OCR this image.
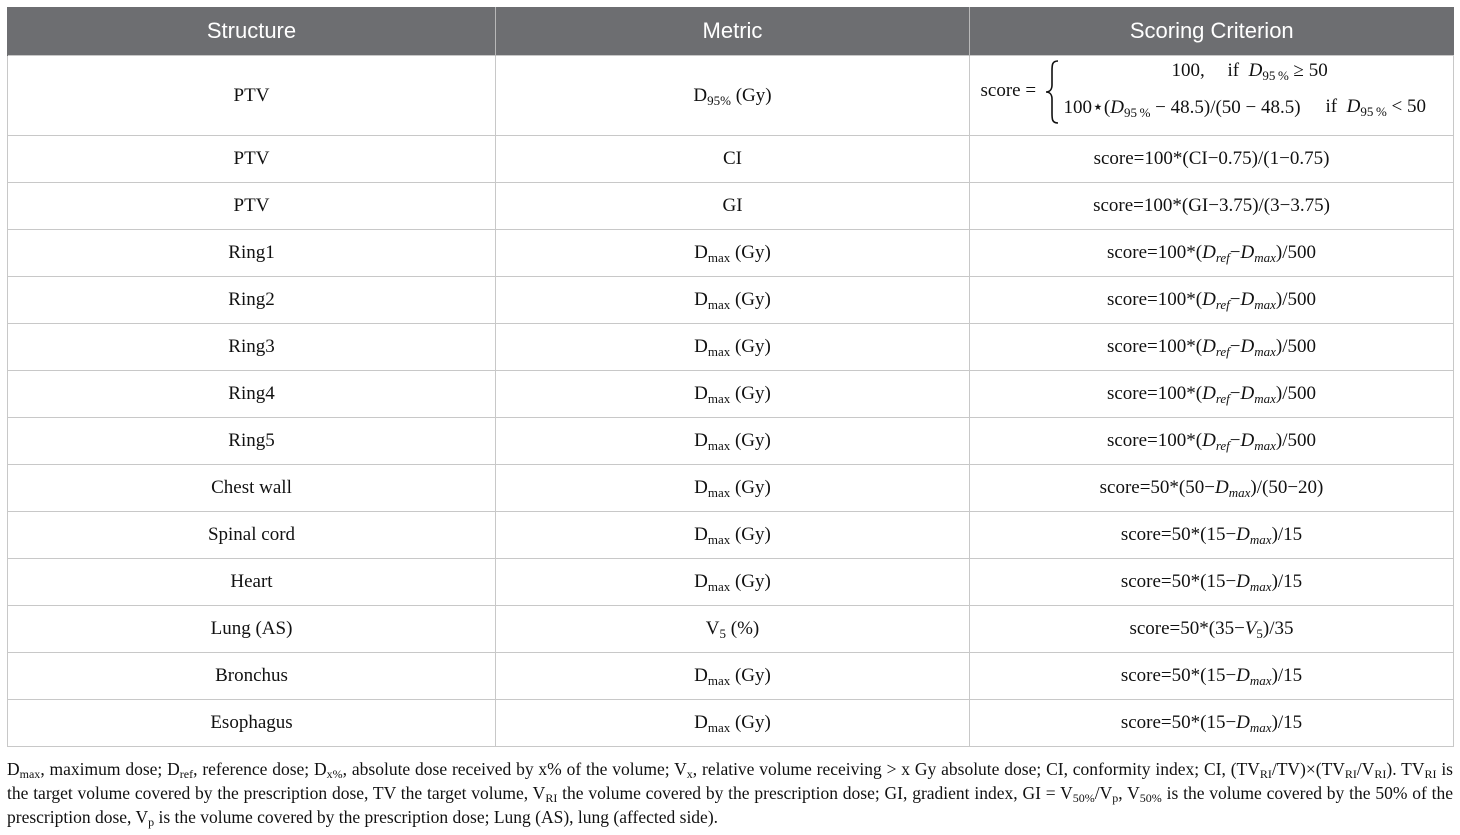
Structure	Metric	Scoring Criterion
PTV	$D_{95\%}$ (Gy)	score =
100, if  $D_{95 \%} \ge 50$
$100⋆(D_{95 \%} - 48.5)/(50 - 48.5)$ if  $D_{95 \%} < 50$

PTV	CI	score=100*(CI−0.75)/(1−0.75)
PTV	GI	score=100*(GI−3.75)/(3−3.75)
Ring1	$D_{max}$ (Gy)	$score=100*(D_{ref}-D_{max})/500$
Ring2	$D_{max}$ (Gy)	$score=100*(D_{ref}-D_{max})/500$
Ring3	$D_{max}$ (Gy)	$score=100*(D_{ref}-D_{max})/500$
Ring4	$D_{max}$ (Gy)	$score=100*(D_{ref}-D_{max})/500$
Ring5	$D_{max}$ (Gy)	$score=100*(D_{ref}-D_{max})/500$
Chest wall	$D_{max}$ (Gy)	$score=50*(50-D_{max})/(50-20)$
Spinal cord	$D_{max}$ (Gy)	$score=50*(15-D_{max})/15$
Heart	$D_{max}$ (Gy)	$score=50*(15-D_{max})/15$
Lung (AS)	$V_5$ (%)	$score=50*(35-V_5)/35$
Bronchus	$D_{max}$ (Gy)	$score=50*(15-D_{max})/15$
Esophagus	$D_{max}$ (Gy)	$score=50*(15-D_{max})/15$
$D_{max}$, maximum dose; $D_{ref}$, reference dose; $D_{x\%}$, absolute dose received by x% of the volume; $V_x$, relative volume receiving > x Gy absolute dose; CI, conformity index; CI, $(TV_{RI}/TV)\times(TV_{RI}/V_{RI})$. $TV_{RI}$ is the target volume covered by the prescription dose, TV the target volume, $V_{RI}$ the volume covered by the prescription dose; GI, gradient index, GI = $V_{50\%}/V_p$, $V_{50\%}$ is the volume covered by the 50% of the prescription dose, $V_p$ is the volume covered by the prescription dose; Lung (AS), lung (affected side).
